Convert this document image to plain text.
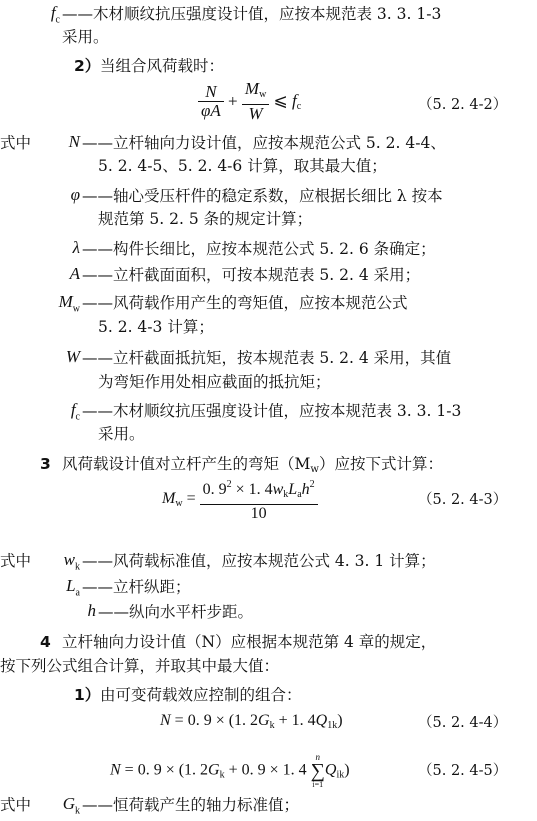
$f_c$ ——木材顺纹抗压强度设计值，应按本规范表 3. 3. 1-3
采用。
2） 当组合风荷载时：
$\frac{N}{\varphi A} + \frac{M_w}{W}$ ⩽ $f_c$	（5. 2. 4-2）
式中	N ——立杆轴向力设计值，应按本规范公式 5. 2. 4-4、
5. 2. 4-5、5. 2. 4-6 计算，取其最大值；
φ ——轴心受压杆件的稳定系数，应根据长细比 λ 按本
规范第 5. 2. 5 条的规定计算；
λ ——构件长细比，应按本规范公式 5. 2. 6 条确定；
A ——立杆截面面积，可按本规范表 5. 2. 4 采用；
$M_w$ ——风荷载作用产生的弯矩值，应按本规范公式
5. 2. 4-3 计算；
W ——立杆截面抵抗矩，按本规范表 5. 2. 4 采用，其值
为弯矩作用处相应截面的抵抗矩；
$f_c$ ——木材顺纹抗压强度设计值，应按本规范表 3. 3. 1-3
采用。
3 风荷载设计值对立杆产生的弯矩$(M_w)$应按下式计算：
$M_w = \frac{0. 9^2 \times 1. 4w_kL_ah^2}{10}$	（5. 2. 4-3）
式中	$w_k$ ——风荷载标准值，应按本规范公式 4. 3. 1 计算；
$L_a$ ——立杆纵距；
h ——纵向水平杆步距。
4 立杆轴向力设计值（N）应根据本规范第 4 章的规定，
按下列公式组合计算，并取其中最大值：
1） 由可变荷载效应控制的组合：
N = 0. 9 × (1. $2G_k + 1$. $4Q_{1k}$)	（5. 2. 4-4）
N = 0. 9 × (1. $2G_k + 0$. 9 × 1. 4
n
∑
i=1
$Q_{ik}$)	（5. 2. 4-5）
式中	$G_k$ ——恒荷载产生的轴力标准值；
